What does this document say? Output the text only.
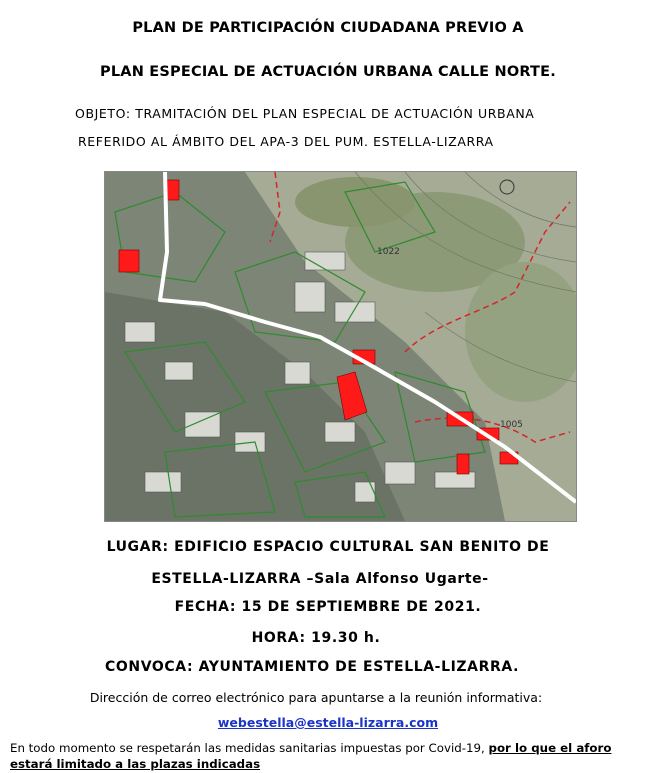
PLAN DE PARTICIPACIÓN CIUDADANA PREVIO A
PLAN ESPECIAL DE ACTUACIÓN URBANA CALLE NORTE.
OBJETO: TRAMITACIÓN DEL PLAN ESPECIAL DE ACTUACIÓN URBANA
REFERIDO AL ÁMBITO DEL APA-3 DEL PUM. ESTELLA-LIZARRA
1022
1005
LUGAR: EDIFICIO ESPACIO CULTURAL SAN BENITO DE
ESTELLA-LIZARRA –Sala Alfonso Ugarte-
FECHA: 15 DE SEPTIEMBRE DE 2021.
HORA: 19.30 h.
CONVOCA: AYUNTAMIENTO DE ESTELLA-LIZARRA.
Dirección de correo electrónico para apuntarse a la reunión informativa:
webestella@estella-lizarra.com
En todo momento se respetarán las medidas sanitarias impuestas por Covid-19, por lo que el aforo estará limitado a las plazas indicadas
